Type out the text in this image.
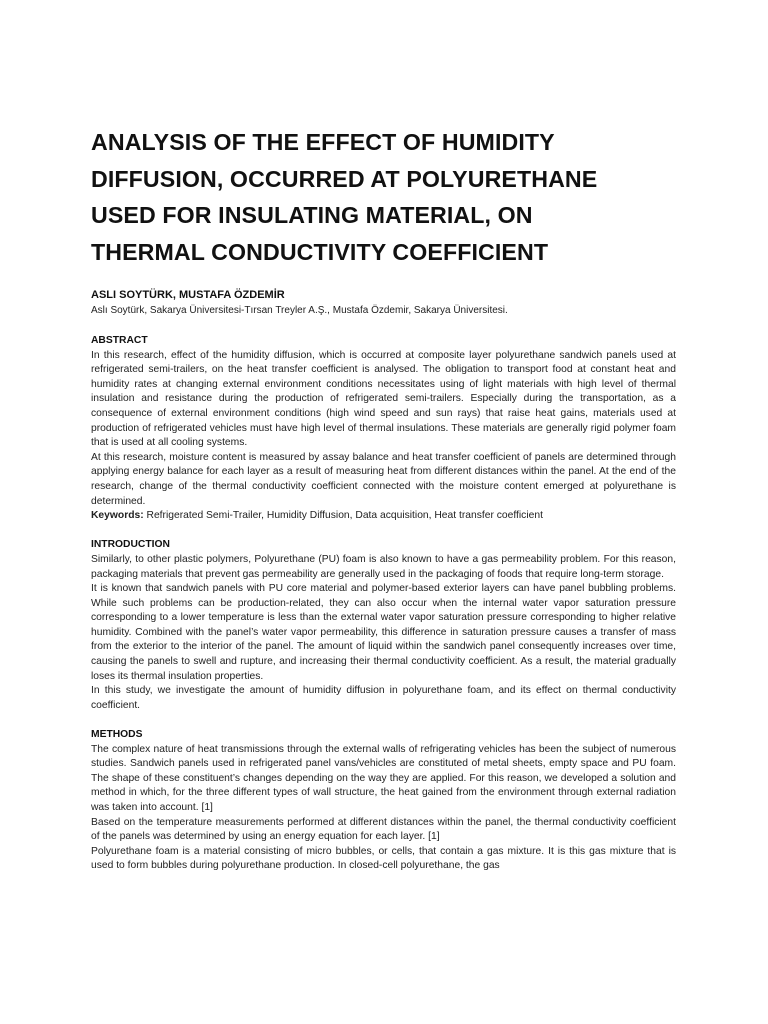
ANALYSIS OF THE EFFECT OF HUMIDITY
DIFFUSION, OCCURRED AT POLYURETHANE
USED FOR INSULATING MATERIAL, ON
THERMAL CONDUCTIVITY COEFFICIENT
ASLI SOYTÜRK, MUSTAFA ÖZDEMİR
Aslı Soytürk, Sakarya Üniversitesi-Tırsan Treyler A.Ş., Mustafa Özdemir, Sakarya Üniversitesi.
ABSTRACT

In this research, effect of the humidity diffusion, which is occurred at composite layer polyurethane sandwich panels used at refrigerated semi-trailers, on the heat transfer coefficient is analysed. The obligation to transport food at constant heat and humidity rates at changing external environment conditions necessitates using of light materials with high level of thermal insulation and resistance during the production of refrigerated semi-trailers. Especially during the transportation, as a consequence of external environment conditions (high wind speed and sun rays) that raise heat gains, materials used at production of refrigerated vehicles must have high level of thermal insulations. These materials are generally rigid polymer foam that is used at all cooling systems.

At this research, moisture content is measured by assay balance and heat transfer coefficient of panels are determined through applying energy balance for each layer as a result of measuring heat from different distances within the panel. At the end of the research, change of the thermal conductivity coefficient connected with the moisture content emerged at polyurethane is determined.

Keywords: Refrigerated Semi-Trailer, Humidity Diffusion, Data acquisition, Heat transfer coefficient

INTRODUCTION

Similarly, to other plastic polymers, Polyurethane (PU) foam is also known to have a gas permeability problem. For this reason, packaging materials that prevent gas permeability are generally used in the packaging of foods that require long-term storage.

It is known that sandwich panels with PU core material and polymer-based exterior layers can have panel bubbling problems. While such problems can be production-related, they can also occur when the internal water vapor saturation pressure corresponding to a lower temperature is less than the external water vapor saturation pressure corresponding to higher relative humidity. Combined with the panel’s water vapor permeability, this difference in saturation pressure causes a transfer of mass from the exterior to the interior of the panel. The amount of liquid within the sandwich panel consequently increases over time, causing the panels to swell and rupture, and increasing their thermal conductivity coefficient. As a result, the material gradually loses its thermal insulation properties.

In this study, we investigate the amount of humidity diffusion in polyurethane foam, and its effect on thermal conductivity coefficient.

METHODS

The complex nature of heat transmissions through the external walls of refrigerating vehicles has been the subject of numerous studies. Sandwich panels used in refrigerated panel vans/vehicles are constituted of metal sheets, empty space and PU foam. The shape of these constituent’s changes depending on the way they are applied. For this reason, we developed a solution and method in which, for the three different types of wall structure, the heat gained from the environment through external radiation was taken into account. [1]

Based on the temperature measurements performed at different distances within the panel, the thermal conductivity coefficient of the panels was determined by using an energy equation for each layer. [1]

Polyurethane foam is a material consisting of micro bubbles, or cells, that contain a gas mixture. It is this gas mixture that is used to form bubbles during polyurethane production. In closed-cell polyurethane, the gas
